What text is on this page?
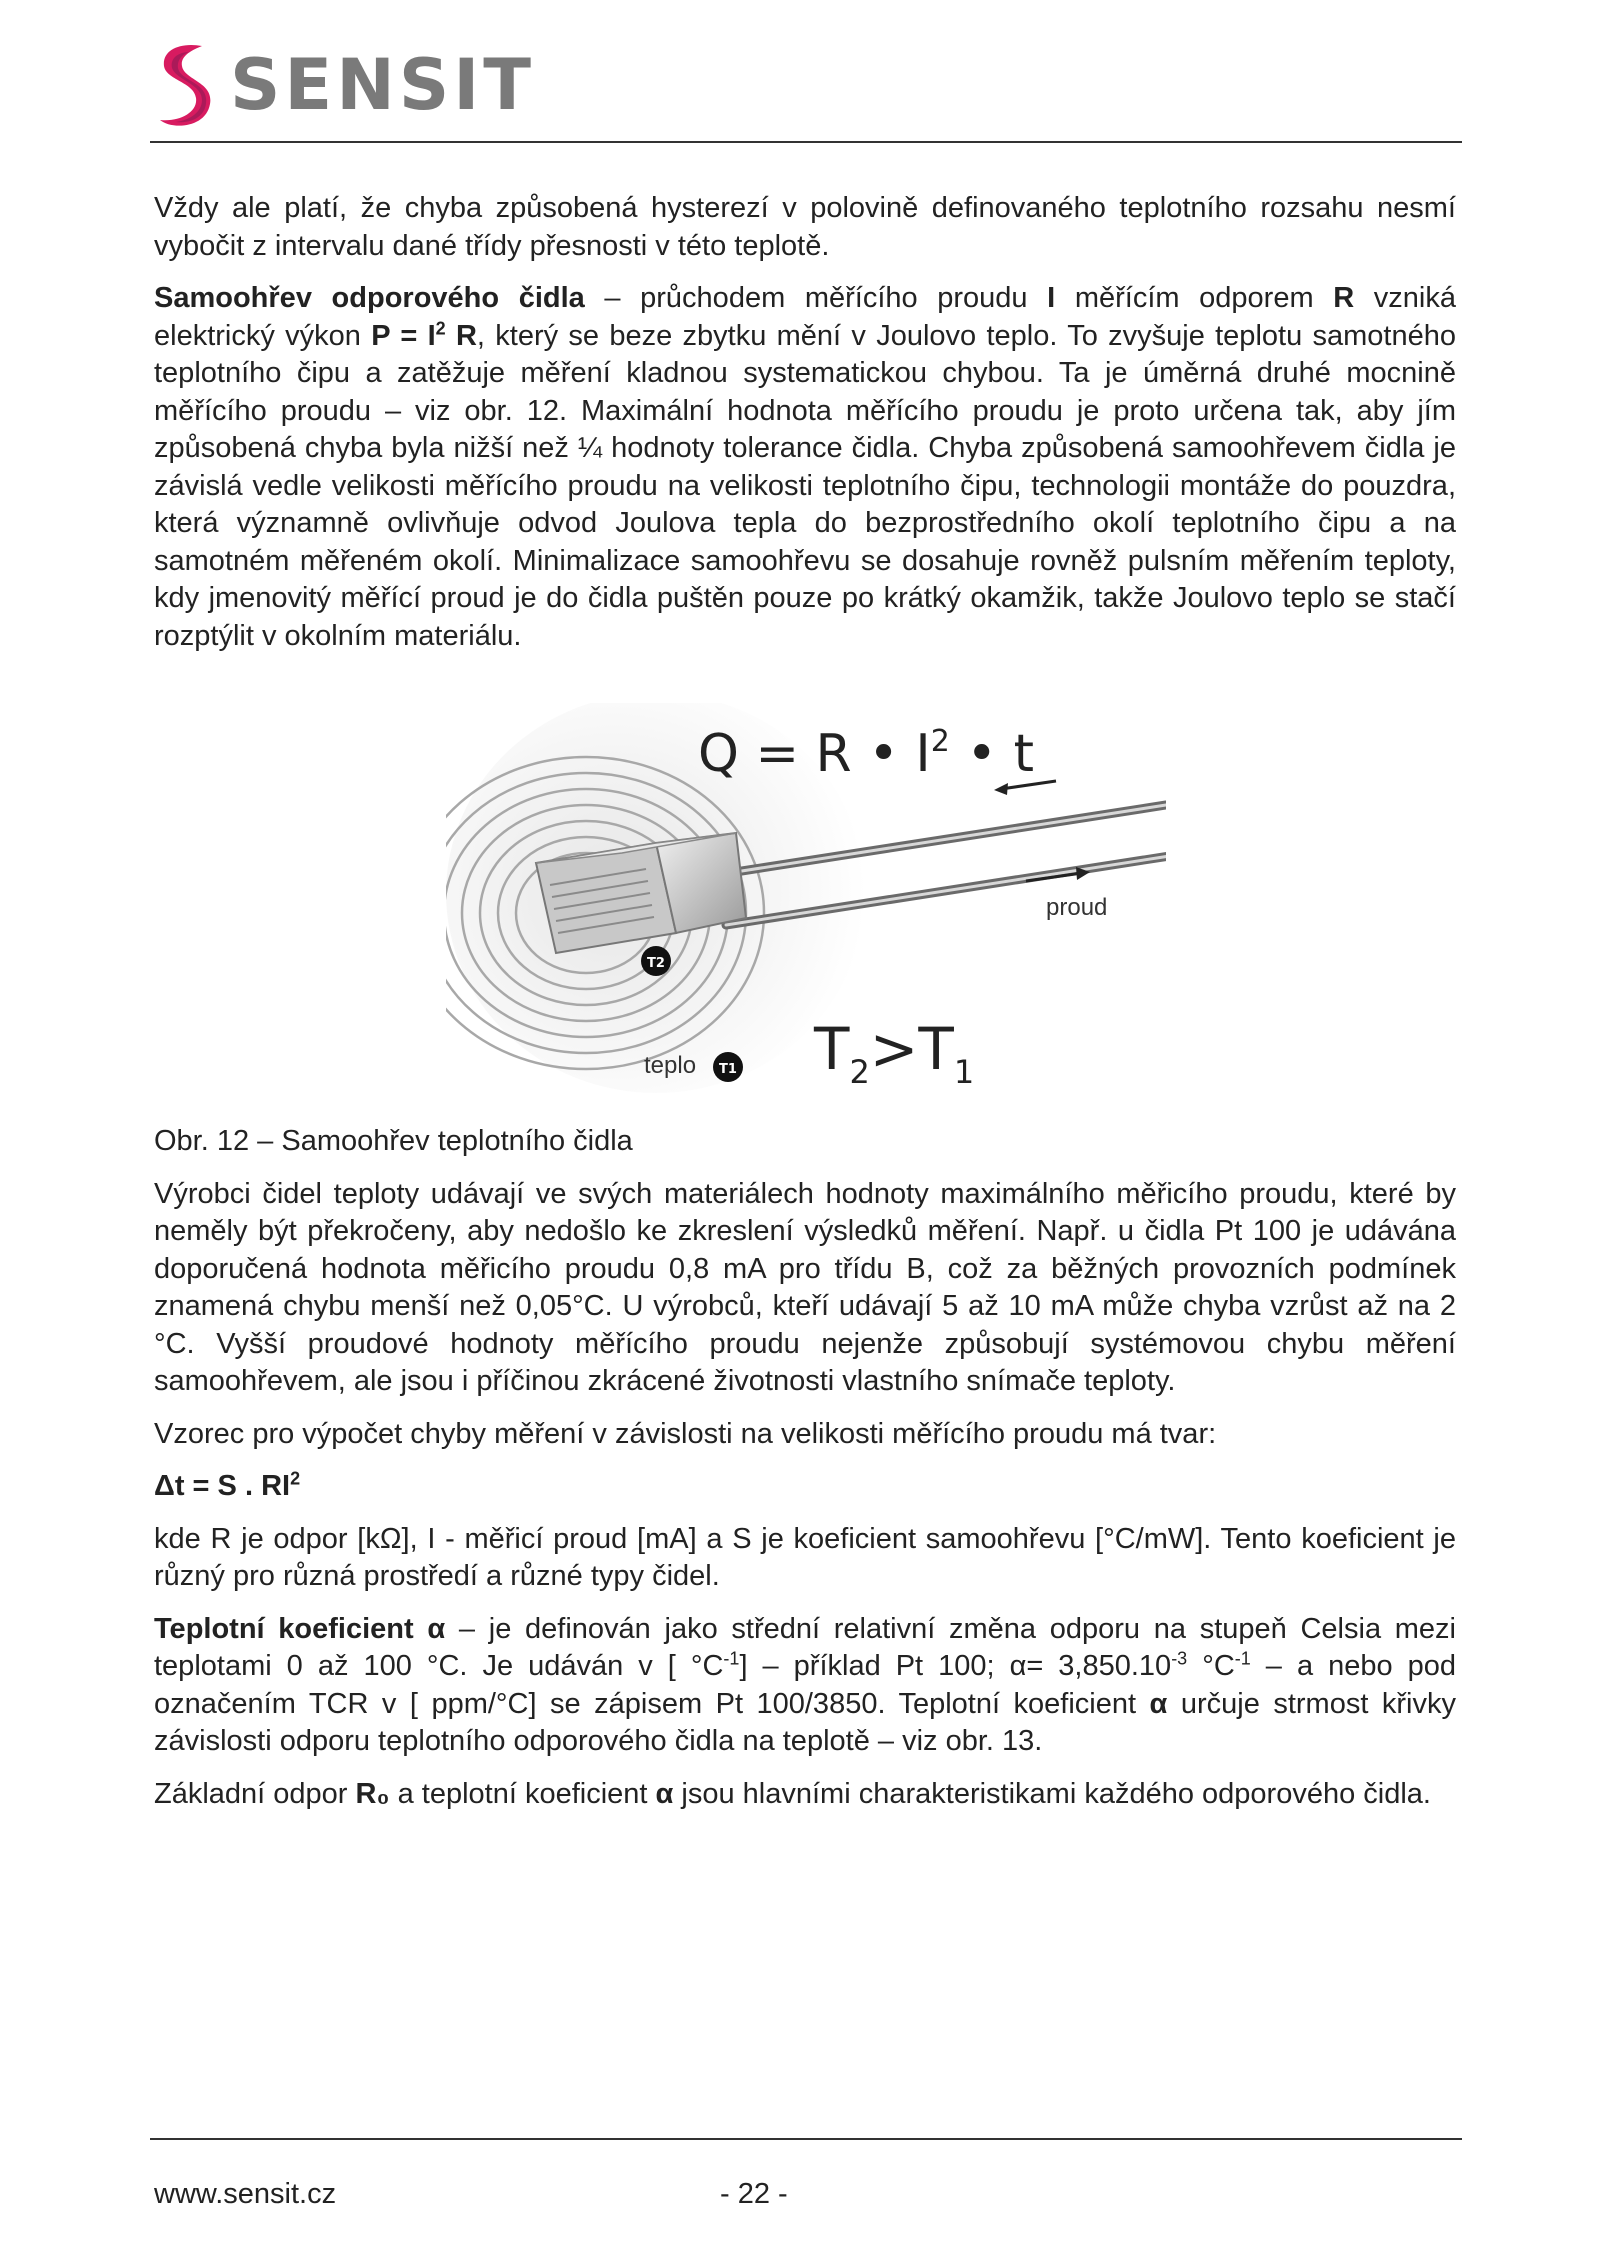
SENSIT

Vždy ale platí, že chyba způsobená hysterezí v polovině definovaného teplotního rozsahu nesmí vybočit z intervalu dané třídy přesnosti v této teplotě.

Samoohřev odporového čidla – průchodem měřícího proudu I měřícím odporem R vzniká elektrický výkon $P = I^2$ R, který se beze zbytku mění v Joulovo teplo. To zvyšuje teplotu samotného teplotního čipu a zatěžuje měření kladnou systematickou chybou. Ta je úměrná druhé mocnině měřícího proudu – viz obr. 12. Maximální hodnota měřícího proudu je proto určena tak, aby jím způsobená chyba byla nižší než ¼ hodnoty tolerance čidla. Chyba způsobená samoohřevem čidla je závislá vedle velikosti měřícího proudu na velikosti teplotního čipu, technologii montáže do pouzdra, která významně ovlivňuje odvod Joulova tepla do bezprostředního okolí teplotního čipu a na samotném měřeném okolí. Minimalizace samoohřevu se dosahuje rovněž pulsním měřením teploty, kdy jmenovitý měřící proud je do čidla puštěn pouze po krátký okamžik, takže Joulovo teplo se stačí rozptýlit v okolním materiálu.

proud
Q = R • $I^2$ • t
T2
teplo T1 $T_2>T_1$

Obr. 12 – Samoohřev teplotního čidla

Výrobci čidel teploty udávají ve svých materiálech hodnoty maximálního měřicího proudu, které by neměly být překročeny, aby nedošlo ke zkreslení výsledků měření. Např. u čidla Pt 100 je udávána doporučená hodnota měřicího proudu 0,8 mA pro třídu B, což za běžných provozních podmínek znamená chybu menší než 0,05°C. U výrobců, kteří udávají 5 až 10 mA může chyba vzrůst až na 2 °C. Vyšší proudové hodnoty měřícího proudu nejenže způsobují systémovou chybu měření samoohřevem, ale jsou i příčinou zkrácené životnosti vlastního snímače teploty.

Vzorec pro výpočet chyby měření v závislosti na velikosti měřícího proudu má tvar:

Δt = S . $RI^2$

kde R je odpor [kΩ], I - měřicí proud [mA] a S je koeficient samoohřevu [°C/mW]. Tento koeficient je různý pro různá prostředí a různé typy čidel.

Teplotní koeficient α – je definován jako střední relativní změna odporu na stupeň Celsia mezi teplotami 0 až 100 °C. Je udáván v [ $^\circ C^{-1}$] – příklad Pt 100; $\alpha= 3,850.10^{-3}$ $^\circ C^{-1}$ – a nebo pod označením TCR v [ ppm/°C] se zápisem Pt 100/3850. Teplotní koeficient α určuje strmost křivky závislosti odporu teplotního odporového čidla na teplotě – viz obr. 13.

Základní odpor R₀ a teplotní koeficient α jsou hlavními charakteristikami každého odporového čidla.

www.sensit.cz	- 22 -
